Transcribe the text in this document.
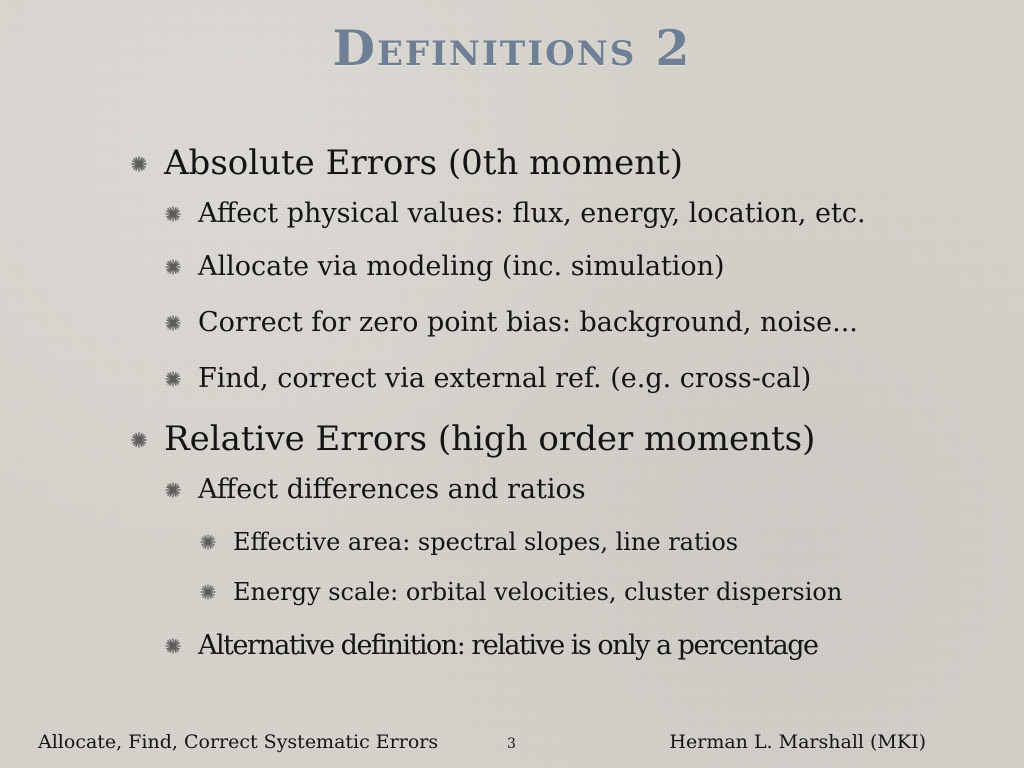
Definitions 2
Absolute Errors (0th moment)
Affect physical values: flux, energy, location, etc.
Allocate via modeling (inc. simulation)
Correct for zero point bias: background, noise...
Find, correct via external ref. (e.g. cross-cal)
Relative Errors (high order moments)
Affect differences and ratios
Effective area: spectral slopes, line ratios
Energy scale: orbital velocities, cluster dispersion
Alternative definition: relative is only a percentage
Allocate, Find, Correct Systematic Errors	3	Herman L. Marshall (MKI)
